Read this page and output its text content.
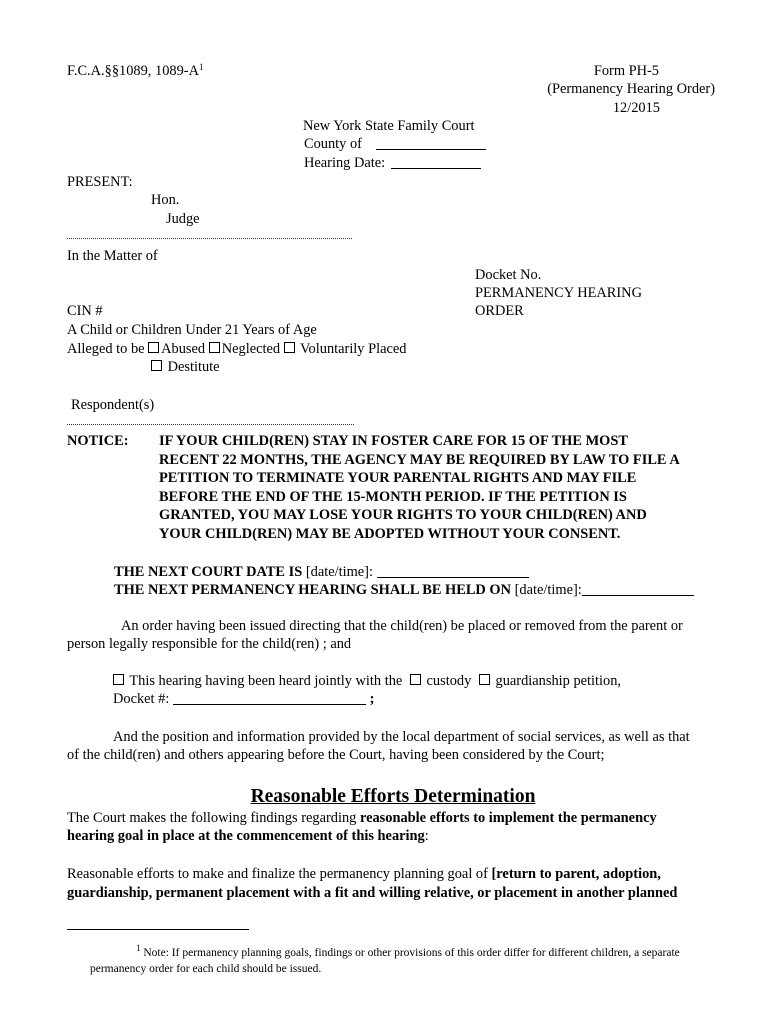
F.C.A.§§1089, $1089-A^1$	Form PH-5
(Permanency Hearing Order)
12/2015
New York State Family Court
County of
Hearing Date:
PRESENT:
Hon.
Judge
In the Matter of
Docket No.
PERMANENCY HEARING
ORDER
CIN #
A Child or Children Under 21 Years of Age
Alleged to be Abused Neglected Voluntarily Placed
Destitute
Respondent(s)
NOTICE: IF YOUR CHILD(REN) STAY IN FOSTER CARE FOR 15 OF THE MOST
RECENT 22 MONTHS, THE AGENCY MAY BE REQUIRED BY LAW TO FILE A
PETITION TO TERMINATE YOUR PARENTAL RIGHTS AND MAY FILE
BEFORE THE END OF THE 15-MONTH PERIOD. IF THE PETITION IS
GRANTED, YOU MAY LOSE YOUR RIGHTS TO YOUR CHILD(REN) AND
YOUR CHILD(REN) MAY BE ADOPTED WITHOUT YOUR CONSENT.
THE NEXT COURT DATE IS [date/time]:
THE NEXT PERMANENCY HEARING SHALL BE HELD ON [date/time]:
An order having been issued directing that the child(ren) be placed or removed from the parent or
person legally responsible for the child(ren) ; and
This hearing having been heard jointly with the custody guardianship petition,
Docket #:	;
And the position and information provided by the local department of social services, as well as that
of the child(ren) and others appearing before the Court, having been considered by the Court;
Reasonable Efforts Determination
The Court makes the following findings regarding reasonable efforts to implement the permanency
hearing goal in place at the commencement of this hearing:
Reasonable efforts to make and finalize the permanency planning goal of [return to parent, adoption,
guardianship, permanent placement with a fit and willing relative, or placement in another planned
$^1$ Note: If permanency planning goals, findings or other provisions of this order differ for different children, a separate
permanency order for each child should be issued.
